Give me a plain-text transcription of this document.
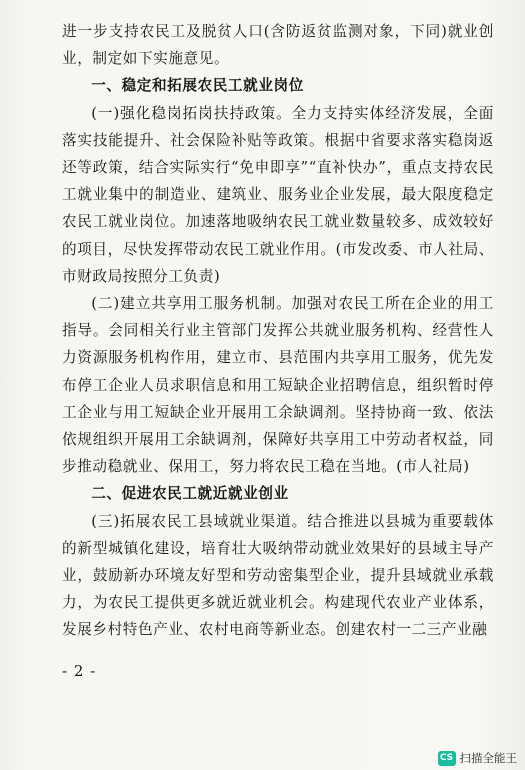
进一步支持农民工及脱贫人口(含防返贫监测对象，下同)就业创业，制定如下实施意见。

一、稳定和拓展农民工就业岗位

(一)强化稳岗拓岗扶持政策。全力支持实体经济发展，全面落实技能提升、社会保险补贴等政策。根据中省要求落实稳岗返还等政策，结合实际实行“免申即享”“直补快办”，重点支持农民工就业集中的制造业、建筑业、服务业企业发展，最大限度稳定农民工就业岗位。加速落地吸纳农民工就业数量较多、成效较好的项目，尽快发挥带动农民工就业作用。(市发改委、市人社局、市财政局按照分工负责)

(二)建立共享用工服务机制。加强对农民工所在企业的用工指导。会同相关行业主管部门发挥公共就业服务机构、经营性人力资源服务机构作用，建立市、县范围内共享用工服务，优先发布停工企业人员求职信息和用工短缺企业招聘信息，组织暂时停工企业与用工短缺企业开展用工余缺调剂。坚持协商一致、依法依规组织开展用工余缺调剂，保障好共享用工中劳动者权益，同步推动稳就业、保用工，努力将农民工稳在当地。(市人社局)

二、促进农民工就近就业创业

(三)拓展农民工县域就业渠道。结合推进以县城为重要载体的新型城镇化建设，培育壮大吸纳带动就业效果好的县域主导产业，鼓励新办环境友好型和劳动密集型企业，提升县域就业承载力，为农民工提供更多就近就业机会。构建现代农业产业体系，发展乡村特色产业、农村电商等新业态。创建农村一二三产业融

- 2 -
CS 扫描全能王
